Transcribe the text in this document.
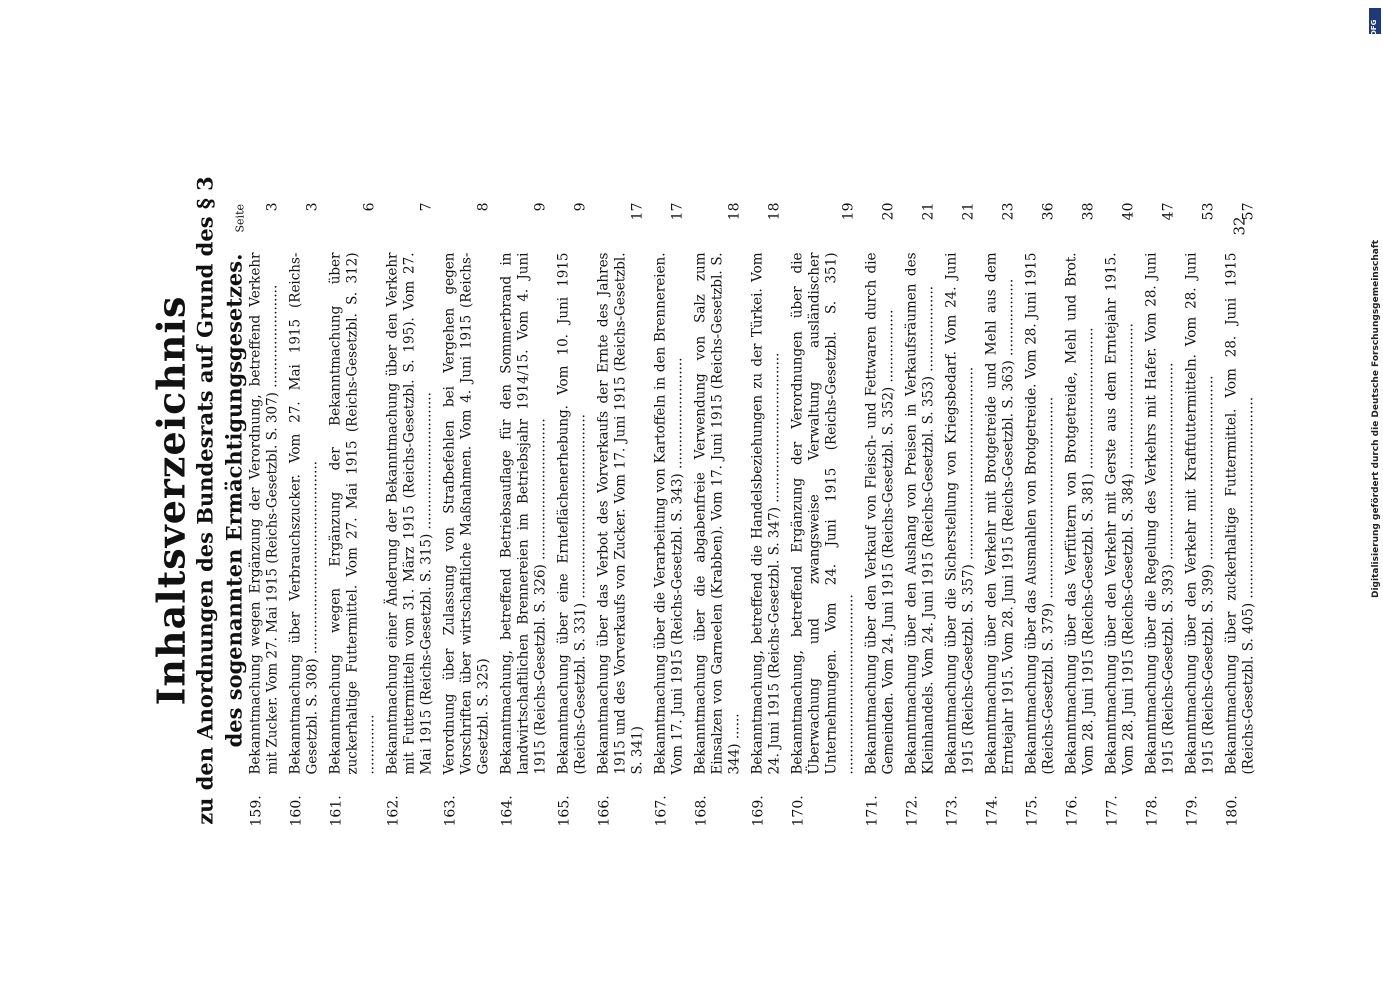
Inhaltsverzeichnis zu den Anordnungen des Bundesrats auf Grund des § 3 des sogenannten Ermächtigungsgesetzes.
Seite
159.
Bekanntmachung wegen Ergänzung der Verordnung, betreffend Verkehr mit Zucker. Vom 27. Mai 1915 (Reichs-Gesetzbl. S. 307) ........................
3
160.
Bekanntmachung über Verbrauchszucker. Vom 27. Mai 1915 (Reichs-Gesetzbl. S. 308) .............................................
3
161.
Bekanntmachung wegen Ergänzung der Bekanntmachung über zuckerhaltige Futtermittel. Vom 27. Mai 1915 (Reichs-Gesetzbl. S. 312) ..............
6
162.
Bekanntmachung einer Änderung der Bekanntmachung über den Verkehr mit Futtermitteln vom 31. März 1915 (Reichs-Gesetzbl. S. 195). Vom 27. Mai 1915 (Reichs-Gesetzbl. S. 315) ................................
7
163.
Verordnung über Zulassung von Strafbefehlen bei Vergehen gegen Vorschriften über wirtschaftliche Maßnahmen. Vom 4. Juni 1915 (Reichs-Gesetzbl. S. 325)
8
164.
Bekanntmachung, betreffend Betriebsauflage für den Sommerbrand in landwirtschaftlichen Brennereien im Betriebsjahr 1914/15. Vom 4. Juni 1915 (Reichs-Gesetzbl. S. 326) .................................
9
165.
Bekanntmachung über eine Ernteflächenerhebung. Vom 10. Juni 1915 (Reichs-Gesetzbl. S. 331) ...........................................
9
166.
Bekanntmachung über das Verbot des Vorverkaufs der Ernte des Jahres 1915 und des Vorverkaufs von Zucker. Vom 17. Juni 1915 (Reichs-Gesetzbl. S. 341)
17
167.
Bekanntmachung über die Verarbeitung von Kartoffeln in den Brennereien. Vom 17. Juni 1915 (Reichs-Gesetzbl. S. 343) ..........................
17
168.
Bekanntmachung über die abgabenfreie Verwendung von Salz zum Einsalzen von Garneelen (Krabben). Vom 17. Juni 1915 (Reichs-Gesetzbl. S. 344) ......
18
169.
Bekanntmachung, betreffend die Handelsbeziehungen zu der Türkei. Vom 24. Juni 1915 (Reichs-Gesetzbl. S. 347) ...................................
18
170.
Bekanntmachung, betreffend Ergänzung der Verordnungen über die Überwachung und zwangsweise Verwaltung ausländischer Unternehmungen. Vom 24. Juni 1915 (Reichs-Gesetzbl. S. 351) ..........................................
19
171.
Bekanntmachung über den Verkauf von Fleisch- und Fettwaren durch die Gemeinden. Vom 24. Juni 1915 (Reichs-Gesetzbl. S. 352) .................
20
172.
Bekanntmachung über den Aushang von Preisen in Verkaufsräumen des Kleinhandels. Vom 24. Juni 1915 (Reichs-Gesetzbl. S. 353) ....................
21
173.
Bekanntmachung über die Sicherstellung von Kriegsbedarf. Vom 24. Juni 1915 (Reichs-Gesetzbl. S. 357) .............................................
21
174.
Bekanntmachung über den Verkehr mit Brotgetreide und Mehl aus dem Erntejahr 1915. Vom 28. Juni 1915 (Reichs-Gesetzbl. S. 363) ..................
23
175.
Bekanntmachung über das Ausmahlen von Brotgetreide. Vom 28. Juni 1915 (Reichs-Gesetzbl. S. 379) ...............................................
36
176.
Bekanntmachung über das Verfüttern von Brotgetreide, Mehl und Brot. Vom 28. Juni 1915 (Reichs-Gesetzbl. S. 381) .................................
38
177.
Bekanntmachung über den Verkehr mit Gerste aus dem Erntejahr 1915. Vom 28. Juni 1915 (Reichs-Gesetzbl. S. 384) ..................................
40
178.
Bekanntmachung über die Regelung des Verkehrs mit Hafer. Vom 28. Juni 1915 (Reichs-Gesetzbl. S. 393) ..............................................
47
179.
Bekanntmachung über den Verkehr mit Kraftfuttermitteln. Vom 28. Juni 1915 (Reichs-Gesetzbl. S. 399) ...........................................
53
180.
Bekanntmachung über zuckerhaltige Futtermittel. Vom 28. Juni 1915 (Reichs-Gesetzbl. S. 405) ...............................................
57
32
DFG
Digitalisierung gefördert durch die Deutsche Forschungsgemeinschaft
